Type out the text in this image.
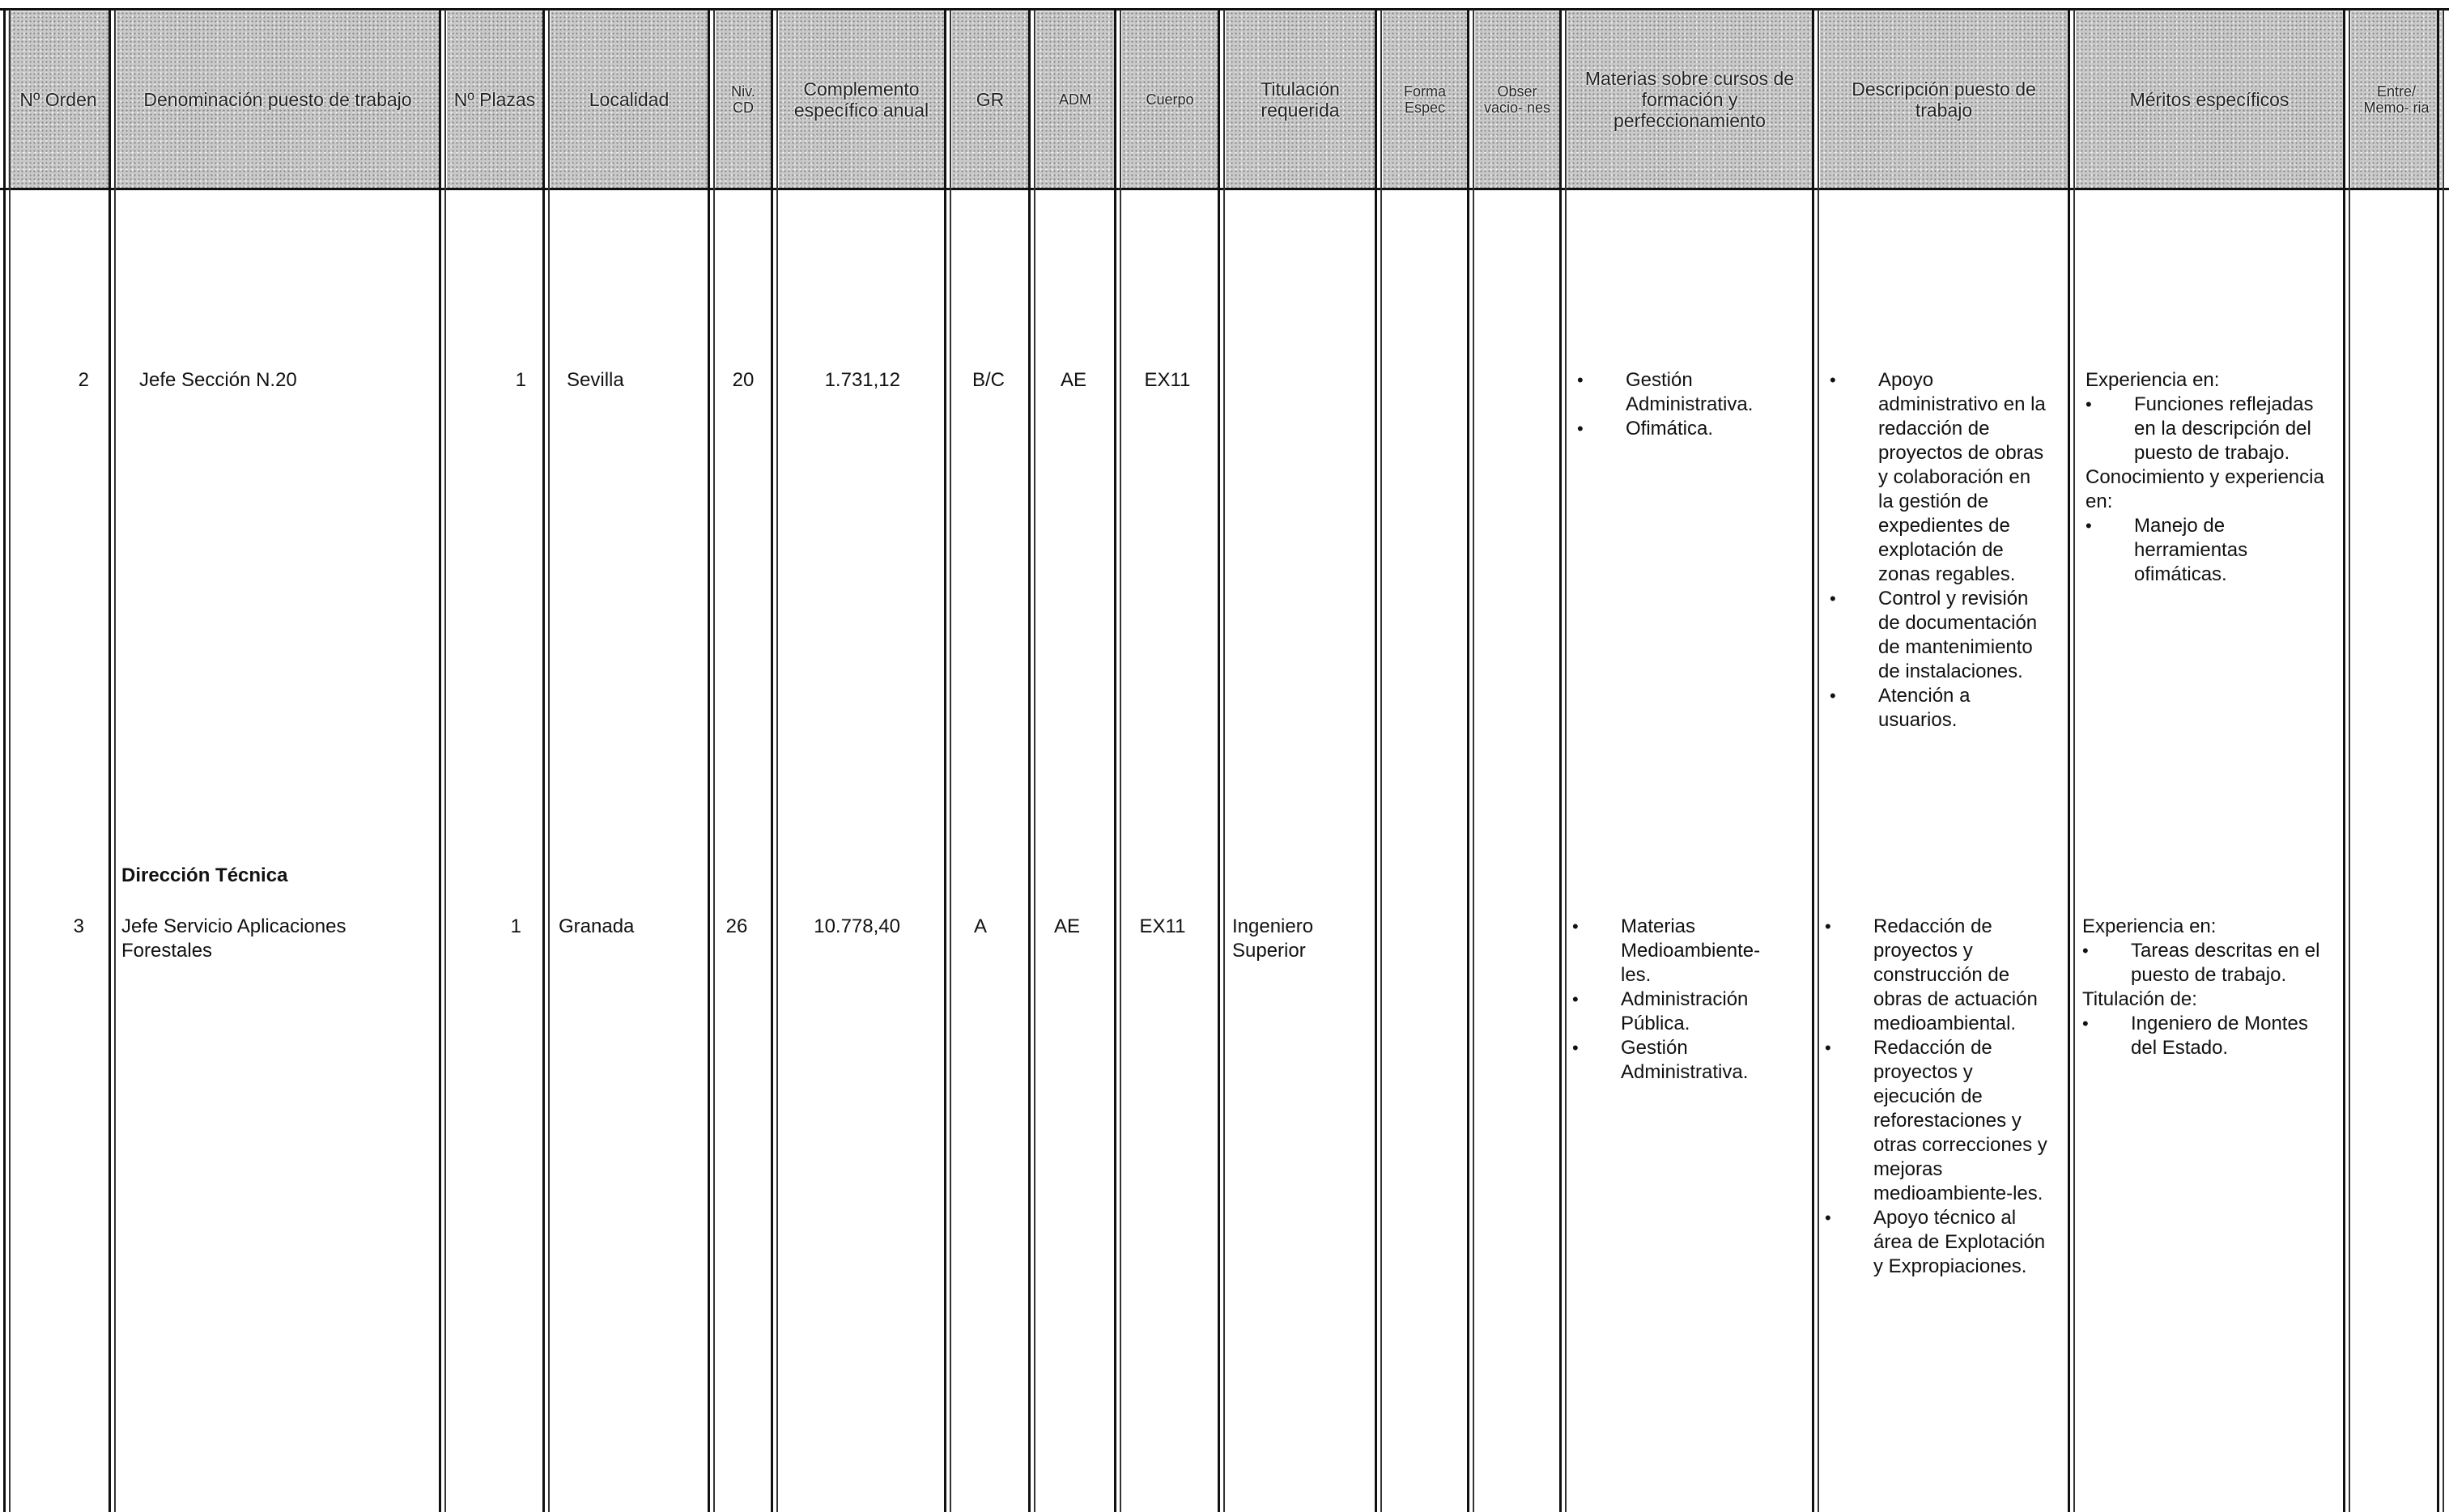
Nº Orden	Denominación puesto de trabajo	Nº Plazas	Localidad	Niv. CD
Complemento específico anual	GR	ADM	Cuerpo	Titulación requerida
Forma Espec
Obser vacio- nes
Materias sobre cursos de formación y perfeccionamiento
Descripción puesto de trabajo	Méritos específicos	Entre/ Memo- ria
2	Jefe Sección N.20	1 Sevilla	20	1.731,12	B/C	AE	EX11
•	Gestión Administrativa.
• Ofimática.
• Apoyo administrativo en la redacción de proyectos de obras y colaboración en la gestión de expedientes de explotación de zonas regables.
• Control y revisión de documentación de mantenimiento de instalaciones.
• Atención a usuarios.
Experiencia en:
• Funciones reflejadas en la descripción del puesto de trabajo.
Conocimiento y experiencia en:
• Manejo de herramientas ofimáticas.
Dirección Técnica
3 Jefe Servicio Aplicaciones Forestales
1 Granada	26	10.778,40	A	AE	EX11	Ingeniero Superior
• Materias Medioambiente-les.
• Administración Pública.
• Gestión Administrativa.
• Redacción de proyectos y construcción de obras de actuación medioambiental.
• Redacción de proyectos y ejecución de reforestaciones y otras correcciones y mejoras medioambiente-les.
• Apoyo técnico al área de Explotación y Expropiaciones.
Experiencia en:
• Tareas descritas en el puesto de trabajo.
Titulación de:
• Ingeniero de Montes del Estado.
